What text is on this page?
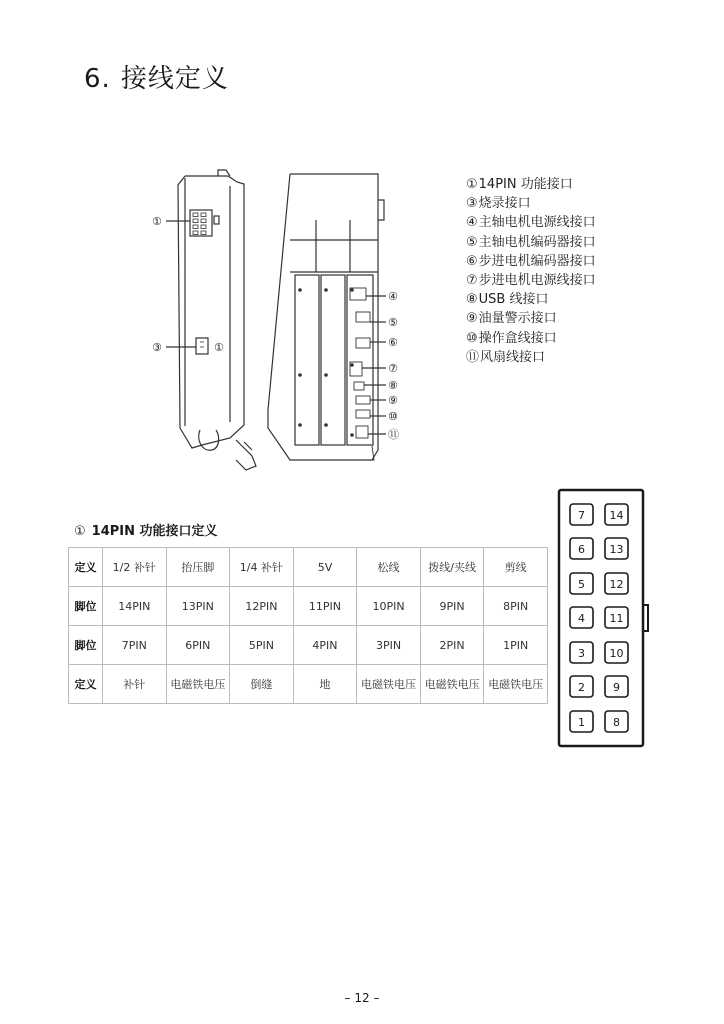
6. 接线定义
①
③	①
④
⑤
⑥
⑦
⑧
⑨
⑩
⑪
①14PIN 功能接口
③烧录接口
④主轴电机电源线接口
⑤主轴电机编码器接口
⑥步进电机编码器接口
⑦步进电机电源线接口
⑧USB 线接口
⑨油量警示接口
⑩操作盒线接口
⑪风扇线接口

① 14PIN 功能接口定义

定义	1/2 补针	抬压脚	1/4 补针	5V	松线	拨线/夹线	剪线
脚位	14PIN	13PIN	12PIN	11PIN	10PIN	9PIN	8PIN
脚位	7PIN	6PIN	5PIN	4PIN	3PIN	2PIN	1PIN
定义	补针	电磁铁电压	倒缝	地	电磁铁电压	电磁铁电压	电磁铁电压
7 14
6 13
5 12
4 11
3 10
2	9
1	8

– 12 –
